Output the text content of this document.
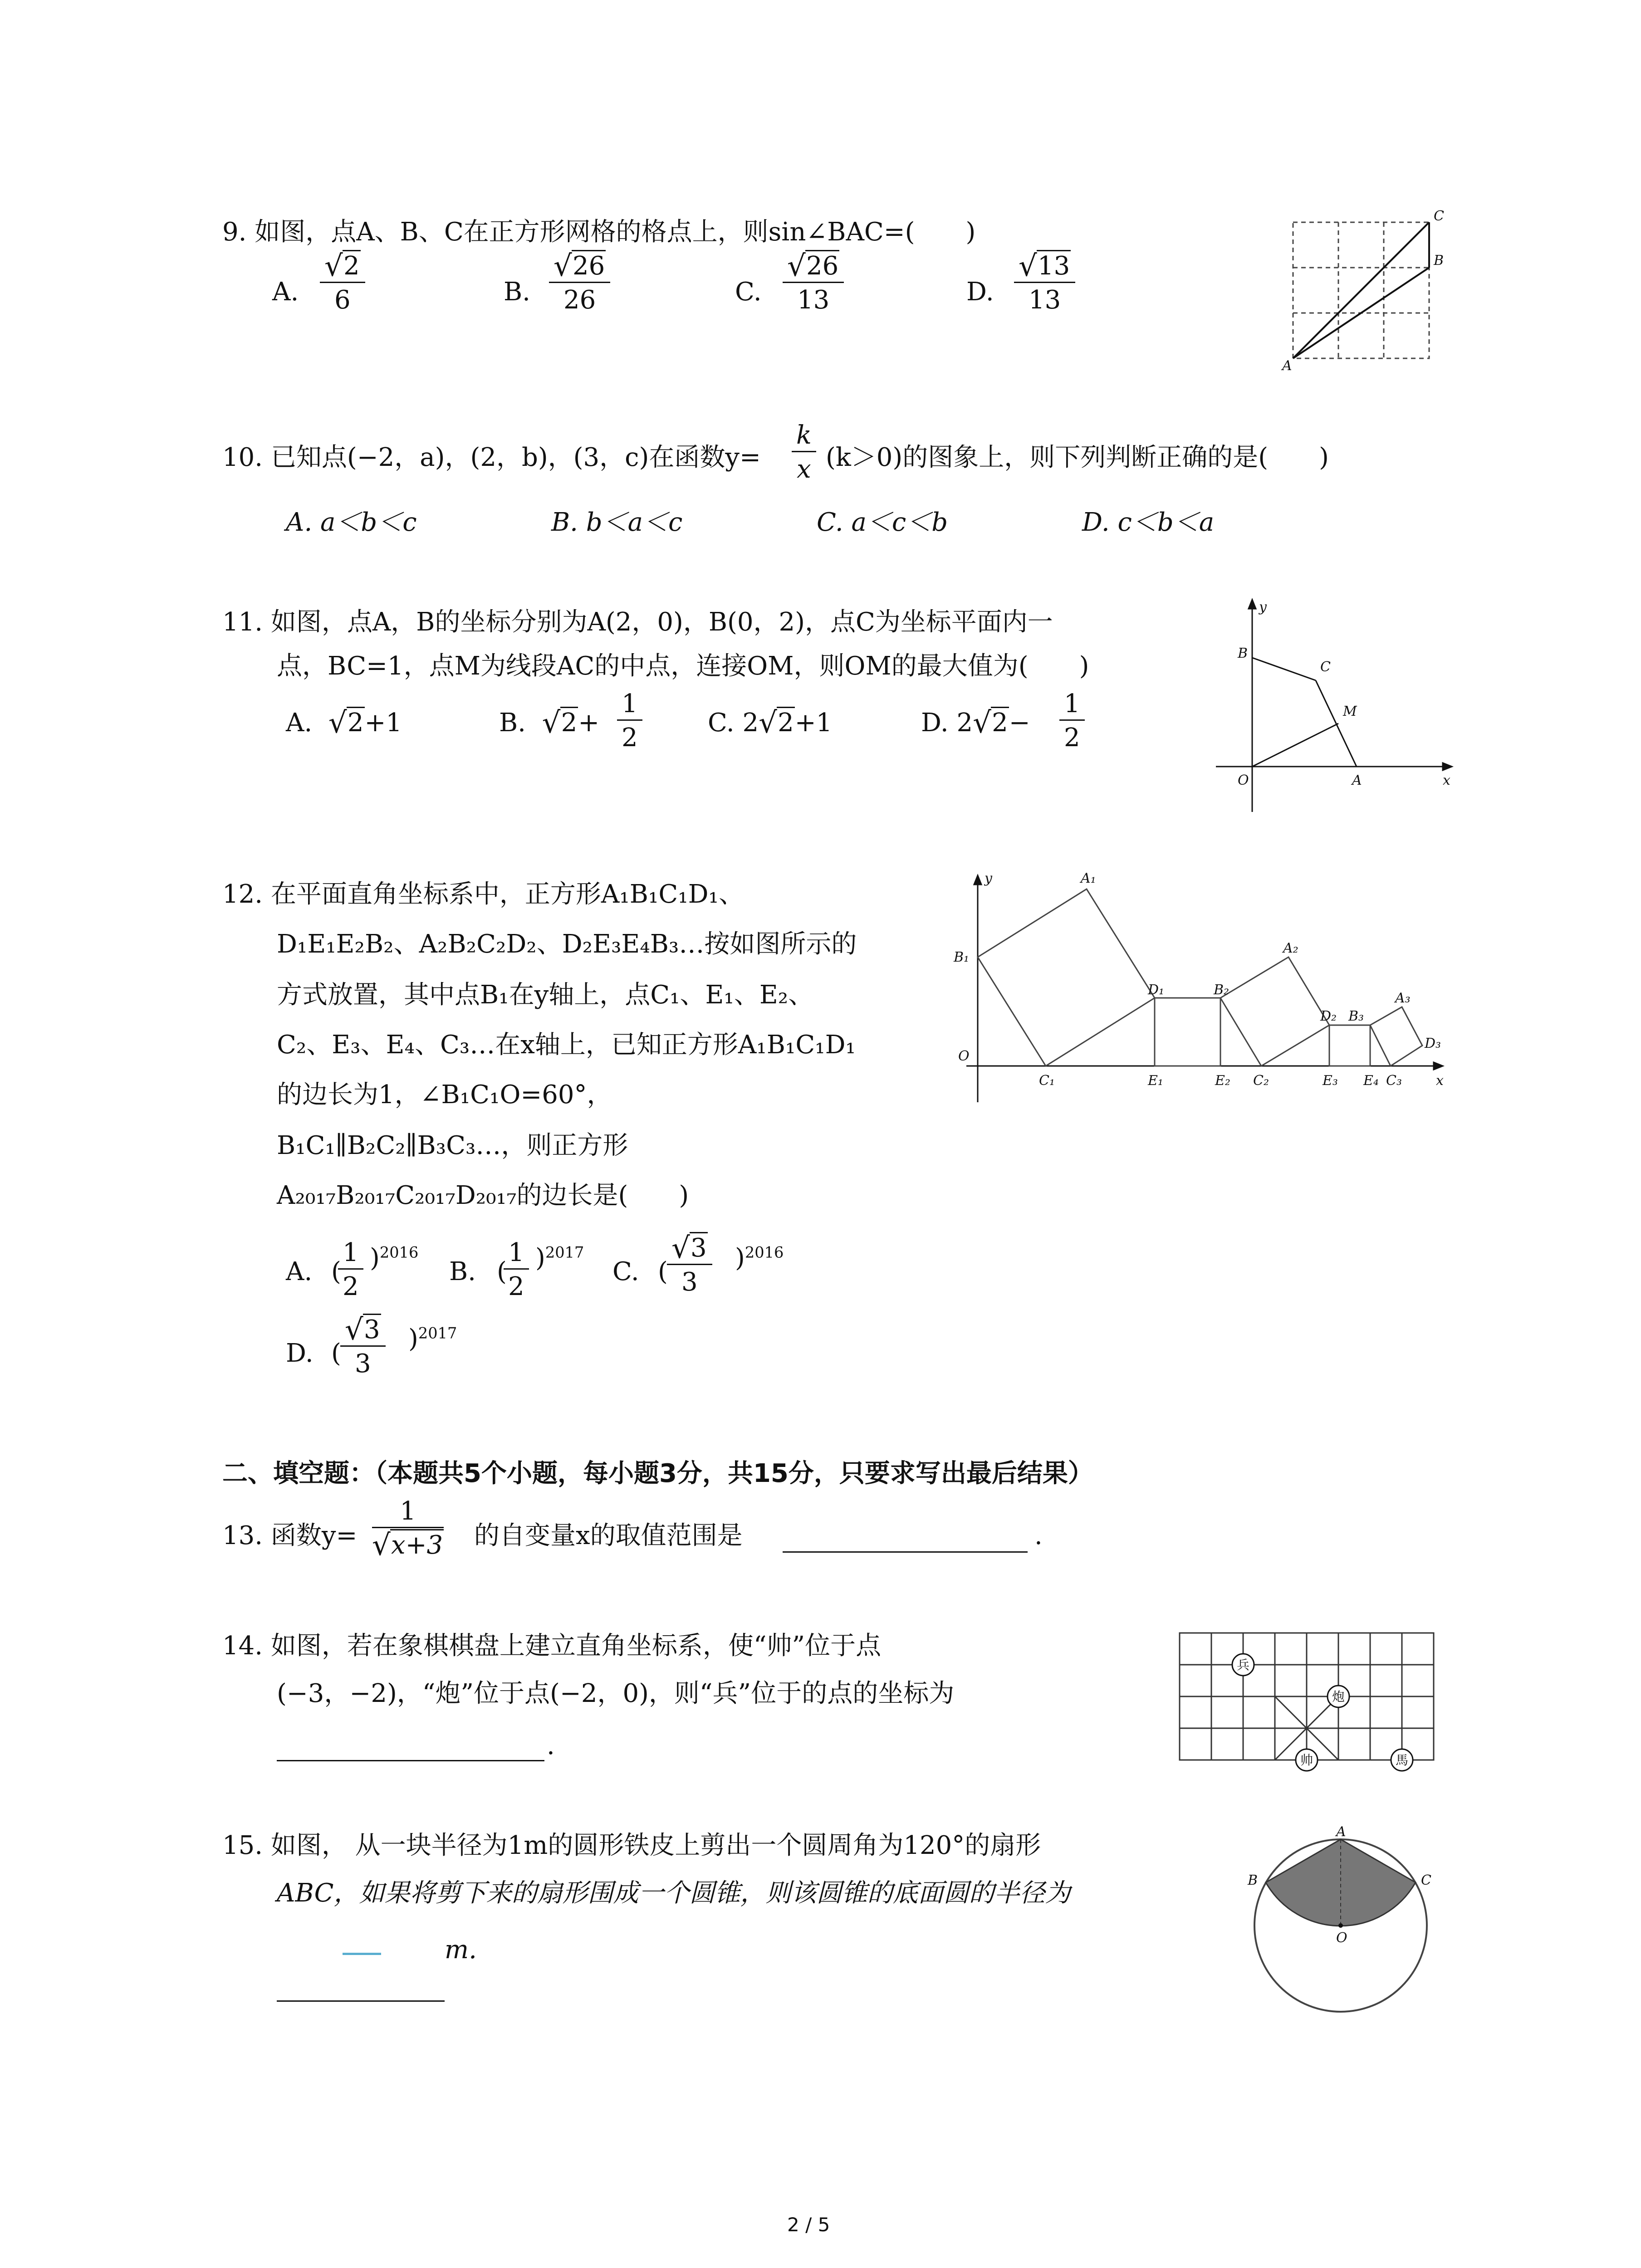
9. 如图，点A、B、C在正方形网格的格点上，则sin∠BAC=(　　)
A. √ $\frac{2}{6}$	B. √ $\frac{26}{26}$	C. √ $\frac{26}{13}$	D. √ $\frac{13}{13}$
A
B
C
10. 已知点(−2，a)，(2，b)，(3，c)在函数$y= \frac{k}{x} (k>0)$的图象上，则下列判断正确的是(　　)
A. a＜b＜c	B. b＜a＜c	C. a＜c＜b	D. c＜b＜a
11. 如图，点A，B的坐标分别为A(2，0)，B(0，2)，点C为坐标平面内一
点，BC=1，点M为线段AC的中点，连接OM，则OM的最大值为(　　)
A. √ 2+1	B. √ $2+ \frac{1}{2}$	C. 2 √ 2+1	D. 2 √ $2- \frac{1}{2}$
y
B
C
M
O	A	x
12. 在平面直角坐标系中，正方形A₁B₁C₁D₁、
D₁E₁E₂B₂、A₂B₂C₂D₂、D₂E₃E₄B₃…按如图所示的
方式放置，其中点B₁在y轴上，点C₁、E₁、E₂、
C₂、E₃、E₄、C₃…在x轴上，已知正方形A₁B₁C₁D₁
的边长为1，∠B₁C₁O=60°，
B₁C₁∥B₂C₂∥B₃C₃…，则正方形
A₂₀₁₇B₂₀₁₇C₂₀₁₇D₂₀₁₇的边长是(　　)
A. (
$\frac{1}{2} )^{2016}$
B. (
$\frac{1}{2} )^{2017}$
C. (
√ $\frac{3}{3} )^{2016}$
D. (
√ $\frac{3}{3} )^{2017}$
y	A₁
B₁
D₁	B₂
A₂
D₂ B₃
A₃
D₃
O
C₁	E₁	E₂ C₂	E₃ E₄ C₃	x
二、填空题：（本题共5个小题，每小题3分，共15分，只要求写出最后结果）
13. 函数y= 1
√ x+3 的自变量x的取值范围是	.
14. 如图，若在象棋棋盘上建立直角坐标系，使“帅”位于点
(−3，−2)，“炮”位于点(−2，0)，则“兵”位于的点的坐标为
.
兵
炮
帅	馬
15. 如图， 从一块半径为1m的圆形铁皮上剪出一个圆周角为120°的扇形
ABC，如果将剪下来的扇形围成一个圆锥，则该圆锥的底面圆的半径为
m.
A
B	C
O
2 / 5
